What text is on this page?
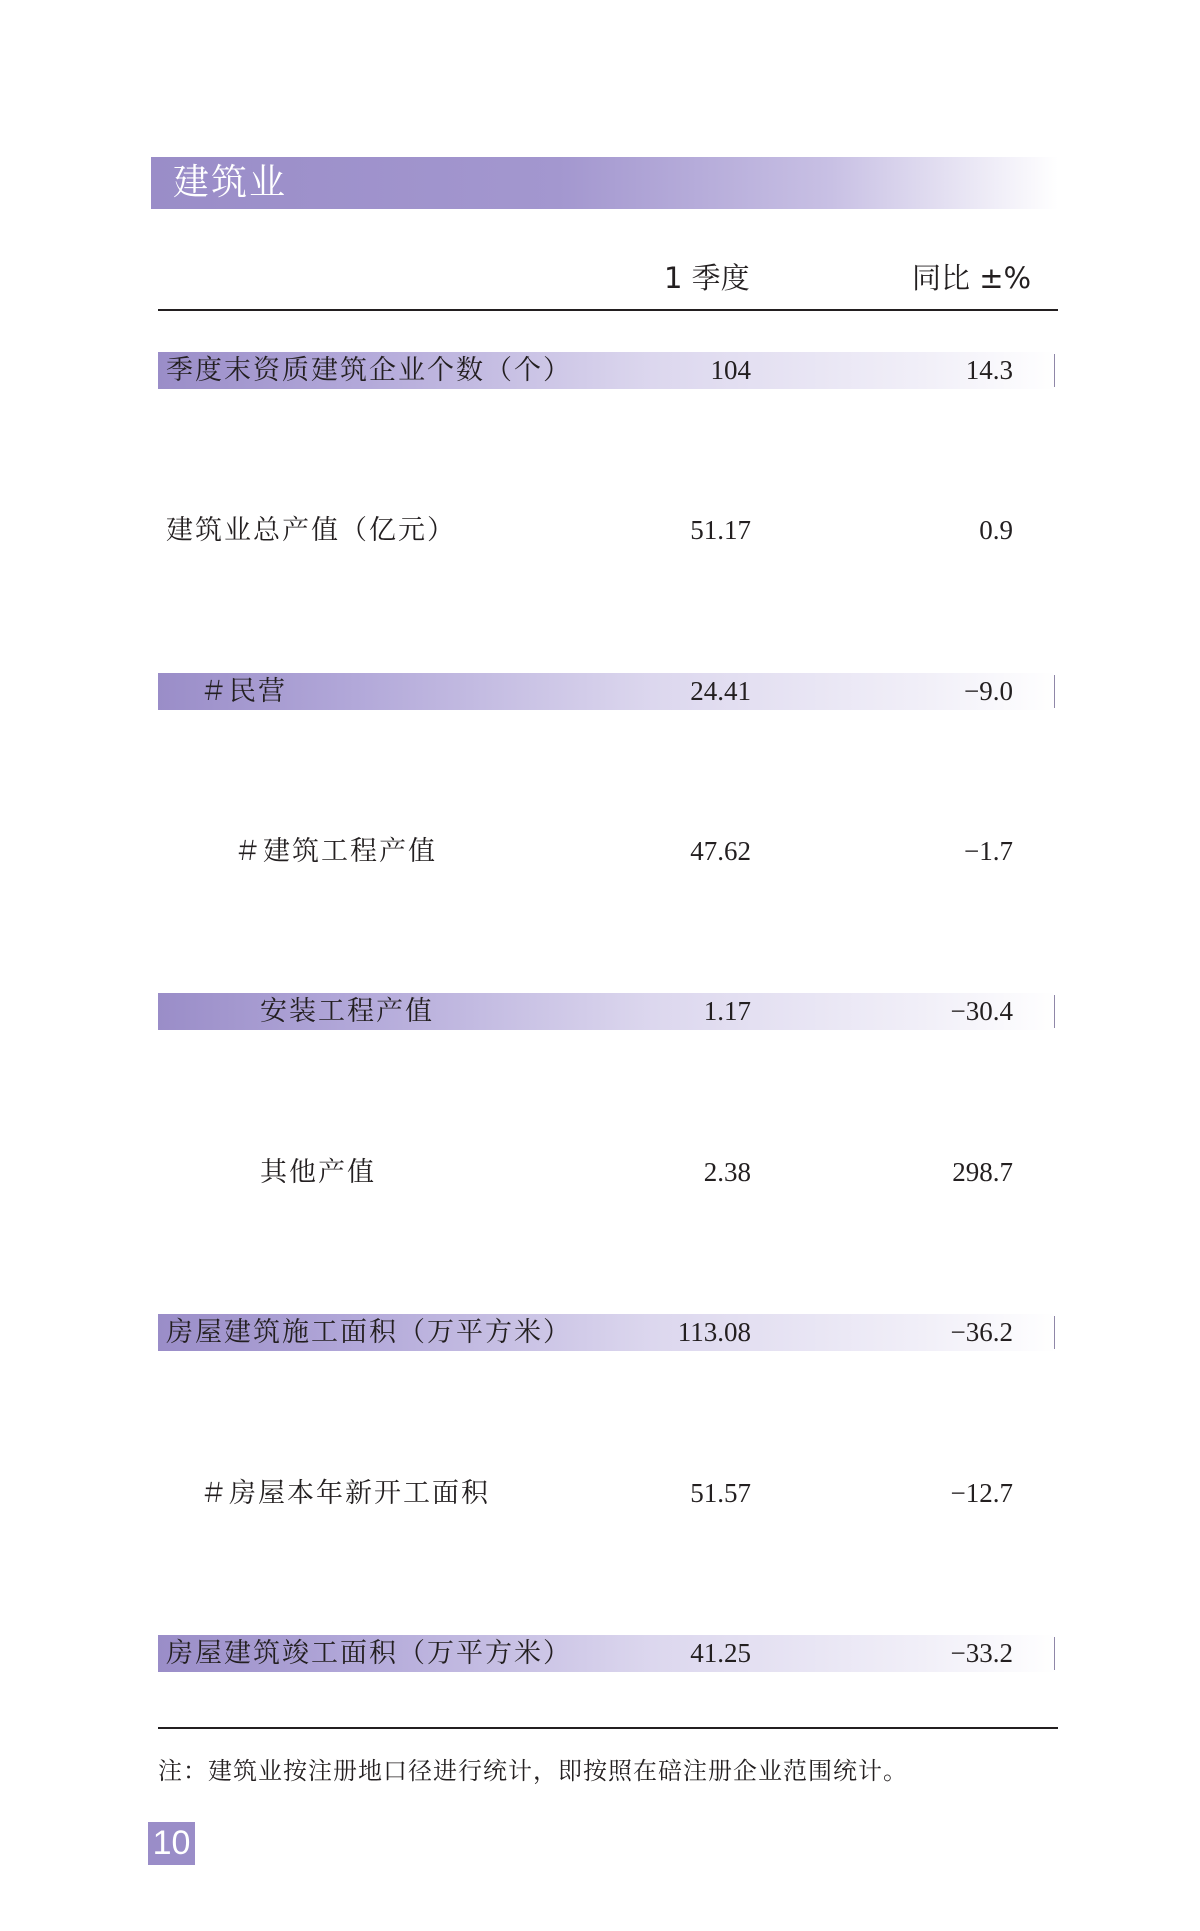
建筑业
1 季度	同比 ±%
季度末资质建筑企业个数（个）	104	14.3
建筑业总产值（亿元）	51.17	0.9
＃民营	24.41	−9.0
＃建筑工程产值	47.62	−1.7
安装工程产值	1.17	−30.4
其他产值	2.38	298.7
房屋建筑施工面积（万平方米）	113.08	−36.2
＃房屋本年新开工面积	51.57	−12.7
房屋建筑竣工面积（万平方米）	41.25	−33.2
注：建筑业按注册地口径进行统计，即按照在碚注册企业范围统计。
10
